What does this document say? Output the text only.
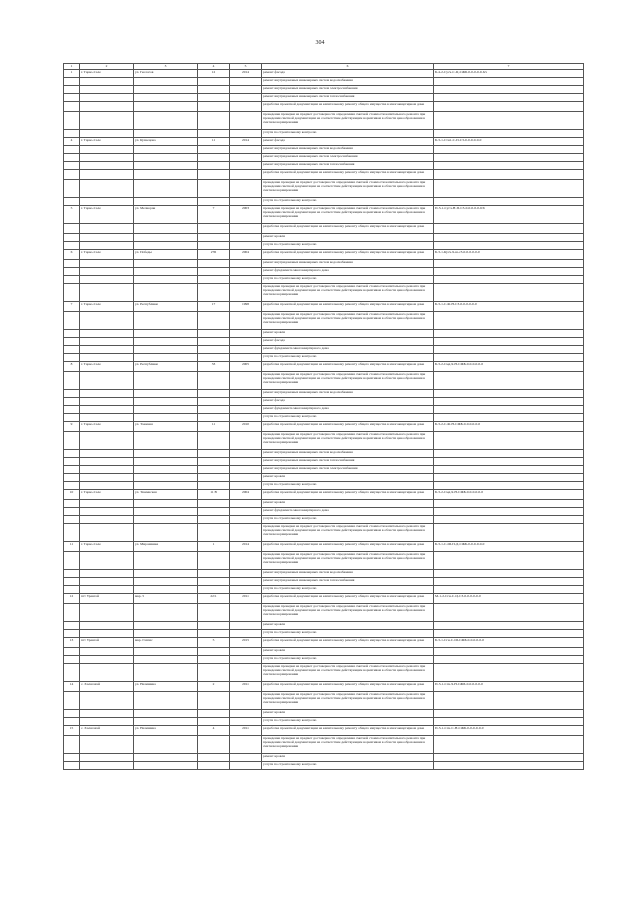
304
1	2	3	4	5	6	7
1	г. Тарко-Сале	ул. Геологов	12	2014	ремонт фасада	Б-4-2-Сусч-С-Ц-СЖБ-0-0-0-0-0-6/з
					ремонт внутридомовых инженерных систем водоснабжения	
					ремонт внутридомовых инженерных систем электроснабжения	
					ремонт внутридомовых инженерных систем теплоснабжения	
					разработка проектной документации на капитальному ремонту общего имущества в многоквартирном доме	
					проведение проверки на предмет достоверности определения сметной стоимости капитального ремонта при проведении сметной документации на соответствие действующим нормативам в области ценообразования в сметном нормировании	
					услуги по строительному контролю	
4	г. Тарко-Сале	ул. Кузнецова	11	2014	ремонт фасада	Б-3-1-Стн1-С-П-С3-0-0-0-0-0-0
					ремонт внутридомовых инженерных систем водоснабжения	
					ремонт внутридомовых инженерных систем электроснабжения	
					ремонт внутридомовых инженерных систем теплоснабжения	
					разработка проектной документации на капитальному ремонту общего имущества в многоквартирном доме	
					проведение проверки на предмет достоверности определения сметной стоимости капитального ремонта при проведении сметной документации на соответствие действующим нормативам в области ценообразования в сметном нормировании	
					услуги по строительному контролю	
5	г. Тарко-Сале	ул. Мелиораи	7	2003	проведение проверки на предмет достоверности определения сметной стоимости капитального ремонта при проведении сметной документации на соответствие действующим нормативам в области ценообразования в сметном нормировании	П-3-1-Сусч-Н-П-С3-0-0-0-0-0-6/6
					разработка проектной документации на капитальному ремонту общего имущества в многоквартирном доме	
					ремонт кровли	
					услуги по строительному контролю	
6	г. Тарко-Сале	ул. Победы	27Б	2004	разработка проектной документации на капитальному ремонту общего имущества в многоквартирном доме	Б-3-1-Кусч-9-ш-с3-0-0-0-0-0-0
					ремонт внутридомовых инженерных систем водоснабжения	
					ремонт фундамента многоквартирного дома	
					услуги по строительному контролю	
					проведение проверки на предмет достоверности определения сметной стоимости капитального ремонта при проведении сметной документации на соответствие действующим нормативам в области ценообразования в сметном нормировании	
7	г. Тарко-Сале	ул. Республики	17	1998	разработка проектной документации на капитальному ремонту общего имущества в многоквартирном доме	Б-3-1-С-Ф-Н-С3-0-0-0-0-0-0
					проведение проверки на предмет достоверности определения сметной стоимости капитального ремонта при проведении сметной документации на соответствие действующим нормативам в области ценообразования в сметном нормировании	
					ремонт кровли	
					ремонт фасада	
					ремонт фундамента многоквартирного дома	
					услуги по строительному контролю	
8	г. Тарко-Сале	ул. Республики	33	2005	разработка проектной документации на капитальному ремонту общего имущества в многоквартирном доме	Б-3-2-Смд-9-Н-СЖБ-0-0-0-0-0-0
					проведение проверки на предмет достоверности определения сметной стоимости капитального ремонта при проведении сметной документации на соответствие действующим нормативам в области ценообразования в сметном нормировании	
					ремонт внутридомовых инженерных систем водоснабжения	
					ремонт фасада	
					ремонт фундамента многоквартирного дома	
					услуги по строительному контролю	
9	г. Тарко-Сале	ул. Таежная	11	2010	разработка проектной документации на капитальному ремонту общего имущества в многоквартирном доме	Б-3-2-С-Ф-Н-СЖБ-0-0-0-0-0-0
					проведение проверки на предмет достоверности определения сметной стоимости капитального ремонта при проведении сметной документации на соответствие действующим нормативам в области ценообразования в сметном нормировании	
					ремонт внутридомовых инженерных систем водоснабжения	
					ремонт внутридомовых инженерных систем теплоснабжения	
					ремонт внутридомовых инженерных систем электроснабжения	
					ремонт кровли	
					услуги по строительному контролю	
10	г. Тарко-Сале	ул. Тюменская	11 В	2004	разработка проектной документации на капитальному ремонту общего имущества в многоквартирном доме	Б-3-2-Смд-9-Н-СЖБ-0-0-0-0-0-0
					ремонт кровли	
					ремонт фундамента многоквартирного дома	
					услуги по строительному контролю	
					проведение проверки на предмет достоверности определения сметной стоимости капитального ремонта при проведении сметной документации на соответствие действующим нормативам в области ценообразования в сметном нормировании	
11	г. Тарко-Сале	ул. Мирошника	1	2014	разработка проектной документации на капитальному ремонту общего имущества в многоквартирном доме	Б-3-1-С-Ш-П-Д-СЖБ-0-0-0-0-0-0
					проведение проверки на предмет достоверности определения сметной стоимости капитального ремонта при проведении сметной документации на соответствие действующим нормативам в области ценообразования в сметном нормировании	
					ремонт внутридомовых инженерных систем водоснабжения	
					ремонт внутридомовых инженерных систем теплоснабжения	
					услуги по строительному контролю	
12	пгт Уренгой	мкр. 5	22/1	2011	разработка проектной документации на капитальному ремонту общего имущества в многоквартирном доме	М-1-2-Сгн-С-Ц-С3-0-0-0-0-0-0
					проведение проверки на предмет достоверности определения сметной стоимости капитального ремонта при проведении сметной документации на соответствие действующим нормативам в области ценообразования в сметном нормировании	
					ремонт кровли	
					услуги по строительному контролю	
13	пгт Уренгой	мкр. Газпис	5	2015	разработка проектной документации на капитальному ремонту общего имущества в многоквартирном доме	Б-3-1-Сгн-С-Ш-СЖБ-0-0-0-0-0-0
					ремонт кровли	
					услуги по строительному контролю	
					проведение проверки на предмет достоверности определения сметной стоимости капитального ремонта при проведении сметной документации на соответствие действующим нормативам в области ценообразования в сметном нормировании	
14	с. Халясавэй	ул. Нелишина	2	2011	разработка проектной документации на капитальному ремонту общего имущества в многоквартирном доме	П-3-1-Сгн-9-Н-СЖБ-0-0-0-0-0-0
					проведение проверки на предмет достоверности определения сметной стоимости капитального ремонта при проведении сметной документации на соответствие действующим нормативам в области ценообразования в сметном нормировании	
					ремонт кровли	
					услуги по строительному контролю	
15	с. Халясавэй	ул. Нелишина	4	2011	разработка проектной документации на капитальному ремонту общего имущества в многоквартирном доме	П-3-1-Сгн-С-Н-СЖБ-0-0-0-0-0-0
					проведение проверки на предмет достоверности определения сметной стоимости капитального ремонта при проведении сметной документации на соответствие действующим нормативам в области ценообразования в сметном нормировании	
					ремонт кровли	
					услуги по строительному контролю	
